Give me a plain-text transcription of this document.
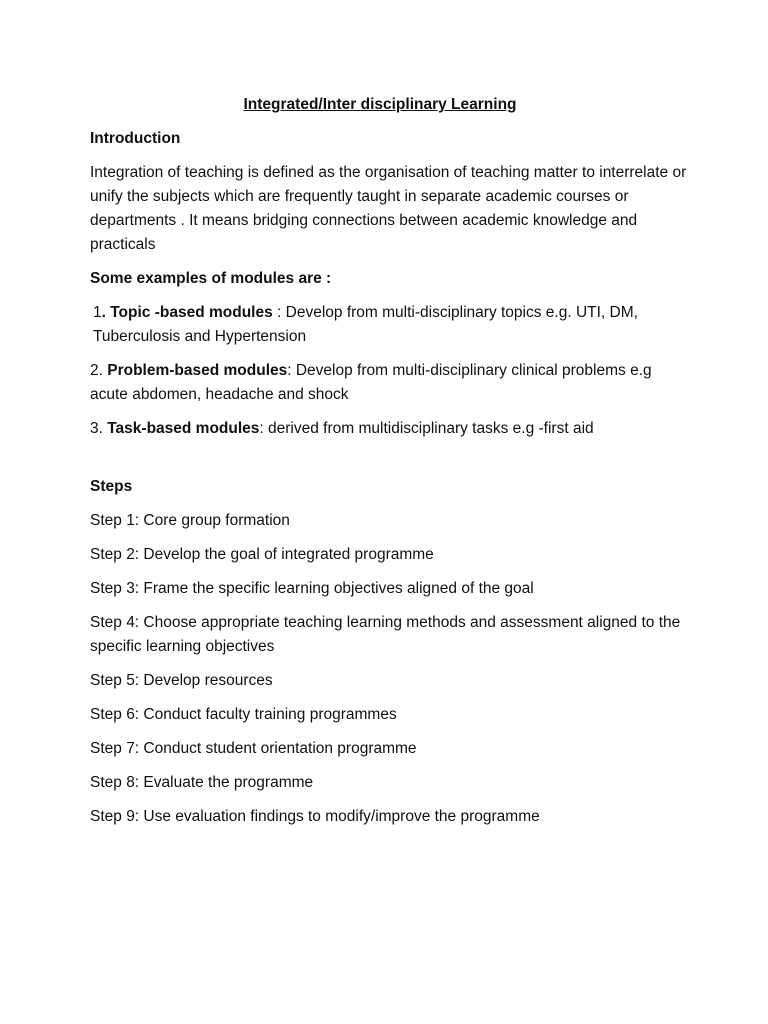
Integrated/Inter disciplinary Learning
Introduction
Integration of teaching is defined as the organisation of teaching matter to interrelate or unify the subjects which are frequently taught in separate academic courses or departments . It means bridging connections between academic knowledge and practicals
Some examples of modules are :
1. Topic -based modules : Develop from multi-disciplinary topics e.g. UTI, DM, Tuberculosis and Hypertension
2. Problem-based modules: Develop from multi-disciplinary clinical problems e.g acute abdomen, headache and shock
3. Task-based modules: derived from multidisciplinary tasks e.g -first aid
Steps
Step 1: Core group formation
Step 2: Develop the goal of integrated programme
Step 3: Frame the specific learning objectives aligned of the goal
Step 4: Choose appropriate teaching learning methods and assessment aligned to the specific learning objectives
Step 5: Develop resources
Step 6: Conduct faculty training programmes
Step 7: Conduct student orientation programme
Step 8: Evaluate the programme
Step 9: Use evaluation findings to modify/improve the programme
